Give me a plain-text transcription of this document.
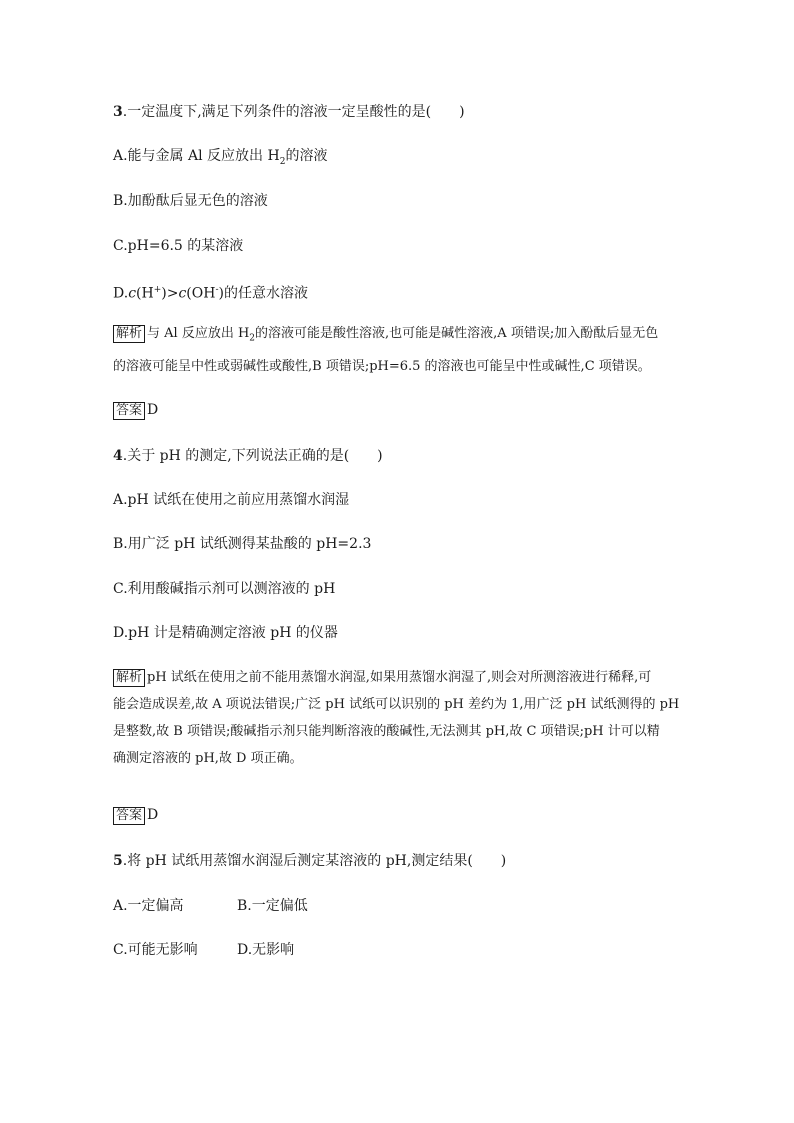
3.一定温度下,满足下列条件的溶液一定呈酸性的是(　　)
A.能与金属 Al 反应放出 $H_2$的溶液
B.加酚酞后显无色的溶液
C.pH=6.5 的某溶液
D.c(H+)>c(OH-)的任意水溶液
解析 与 Al 反应放出 $H_2$的溶液可能是酸性溶液,也可能是碱性溶液,A 项错误;加入酚酞后显无色
的溶液可能呈中性或弱碱性或酸性,B 项错误;pH=6.5 的溶液也可能呈中性或碱性,C 项错误。
答案 D
4.关于 pH 的测定,下列说法正确的是(　　)
A.pH 试纸在使用之前应用蒸馏水润湿
B.用广泛 pH 试纸测得某盐酸的 pH=2.3
C.利用酸碱指示剂可以测溶液的 pH
D.pH 计是精确测定溶液 pH 的仪器
解析 pH 试纸在使用之前不能用蒸馏水润湿,如果用蒸馏水润湿了,则会对所测溶液进行稀释,可
能会造成误差,故 A 项说法错误;广泛 pH 试纸可以识别的 pH 差约为 1,用广泛 pH 试纸测得的 pH
是整数,故 B 项错误;酸碱指示剂只能判断溶液的酸碱性,无法测其 pH,故 C 项错误;pH 计可以精
确测定溶液的 pH,故 D 项正确。
答案 D
5.将 pH 试纸用蒸馏水润湿后测定某溶液的 pH,测定结果(　　)
A.一定偏高	B.一定偏低
C.可能无影响	D.无影响
